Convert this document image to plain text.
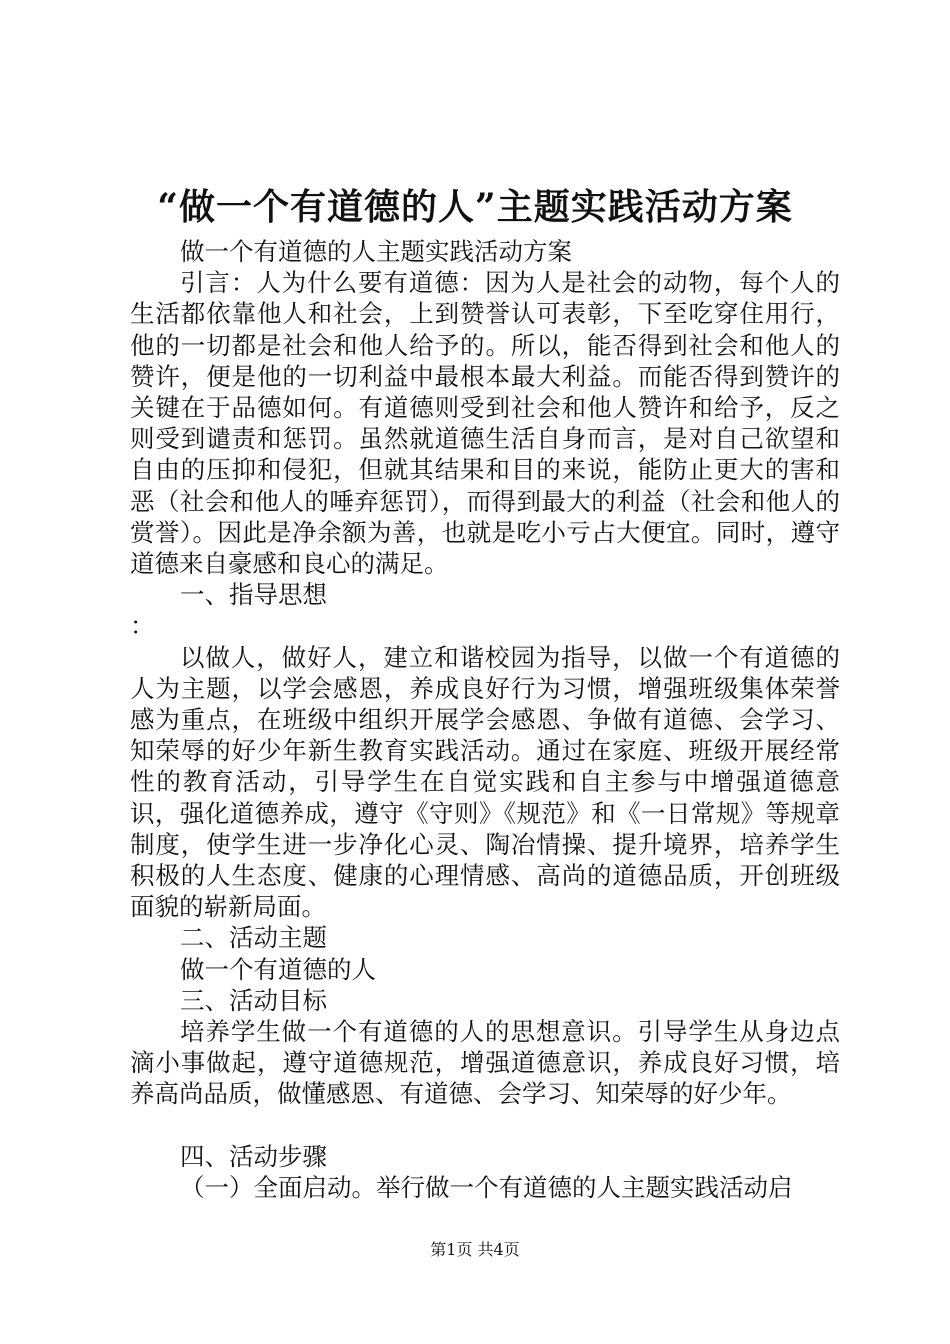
“做一个有道德的人”主题实践活动方案

做一个有道德的人主题实践活动方案

引言：人为什么要有道德：因为人是社会的动物，每个人的生活都依靠他人和社会，上到赞誉认可表彰，下至吃穿住用行，他的一切都是社会和他人给予的。所以，能否得到社会和他人的赞许，便是他的一切利益中最根本最大利益。而能否得到赞许的关键在于品德如何。有道德则受到社会和他人赞许和给予，反之则受到谴责和惩罚。虽然就道德生活自身而言，是对自己欲望和自由的压抑和侵犯，但就其结果和目的来说，能防止更大的害和恶（社会和他人的唾弃惩罚），而得到最大的利益（社会和他人的赏誉）。因此是净余额为善，也就是吃小亏占大便宜。同时，遵守道德来自豪感和良心的满足。

一、指导思想

：

以做人，做好人，建立和谐校园为指导，以做一个有道德的人为主题，以学会感恩，养成良好行为习惯，增强班级集体荣誉感为重点，在班级中组织开展学会感恩、争做有道德、会学习、知荣辱的好少年新生教育实践活动。通过在家庭、班级开展经常性的教育活动，引导学生在自觉实践和自主参与中增强道德意识，强化道德养成，遵守《守则》《规范》和《一日常规》等规章制度，使学生进一步净化心灵、陶冶情操、提升境界，培养学生积极的人生态度、健康的心理情感、高尚的道德品质，开创班级面貌的崭新局面。

二、活动主题

做一个有道德的人

三、活动目标

培养学生做一个有道德的人的思想意识。引导学生从身边点滴小事做起，遵守道德规范，增强道德意识，养成良好习惯，培养高尚品质，做懂感恩、有道德、会学习、知荣辱的好少年。

四、活动步骤

（一）全面启动。举行做一个有道德的人主题实践活动启

第1页 共4页
